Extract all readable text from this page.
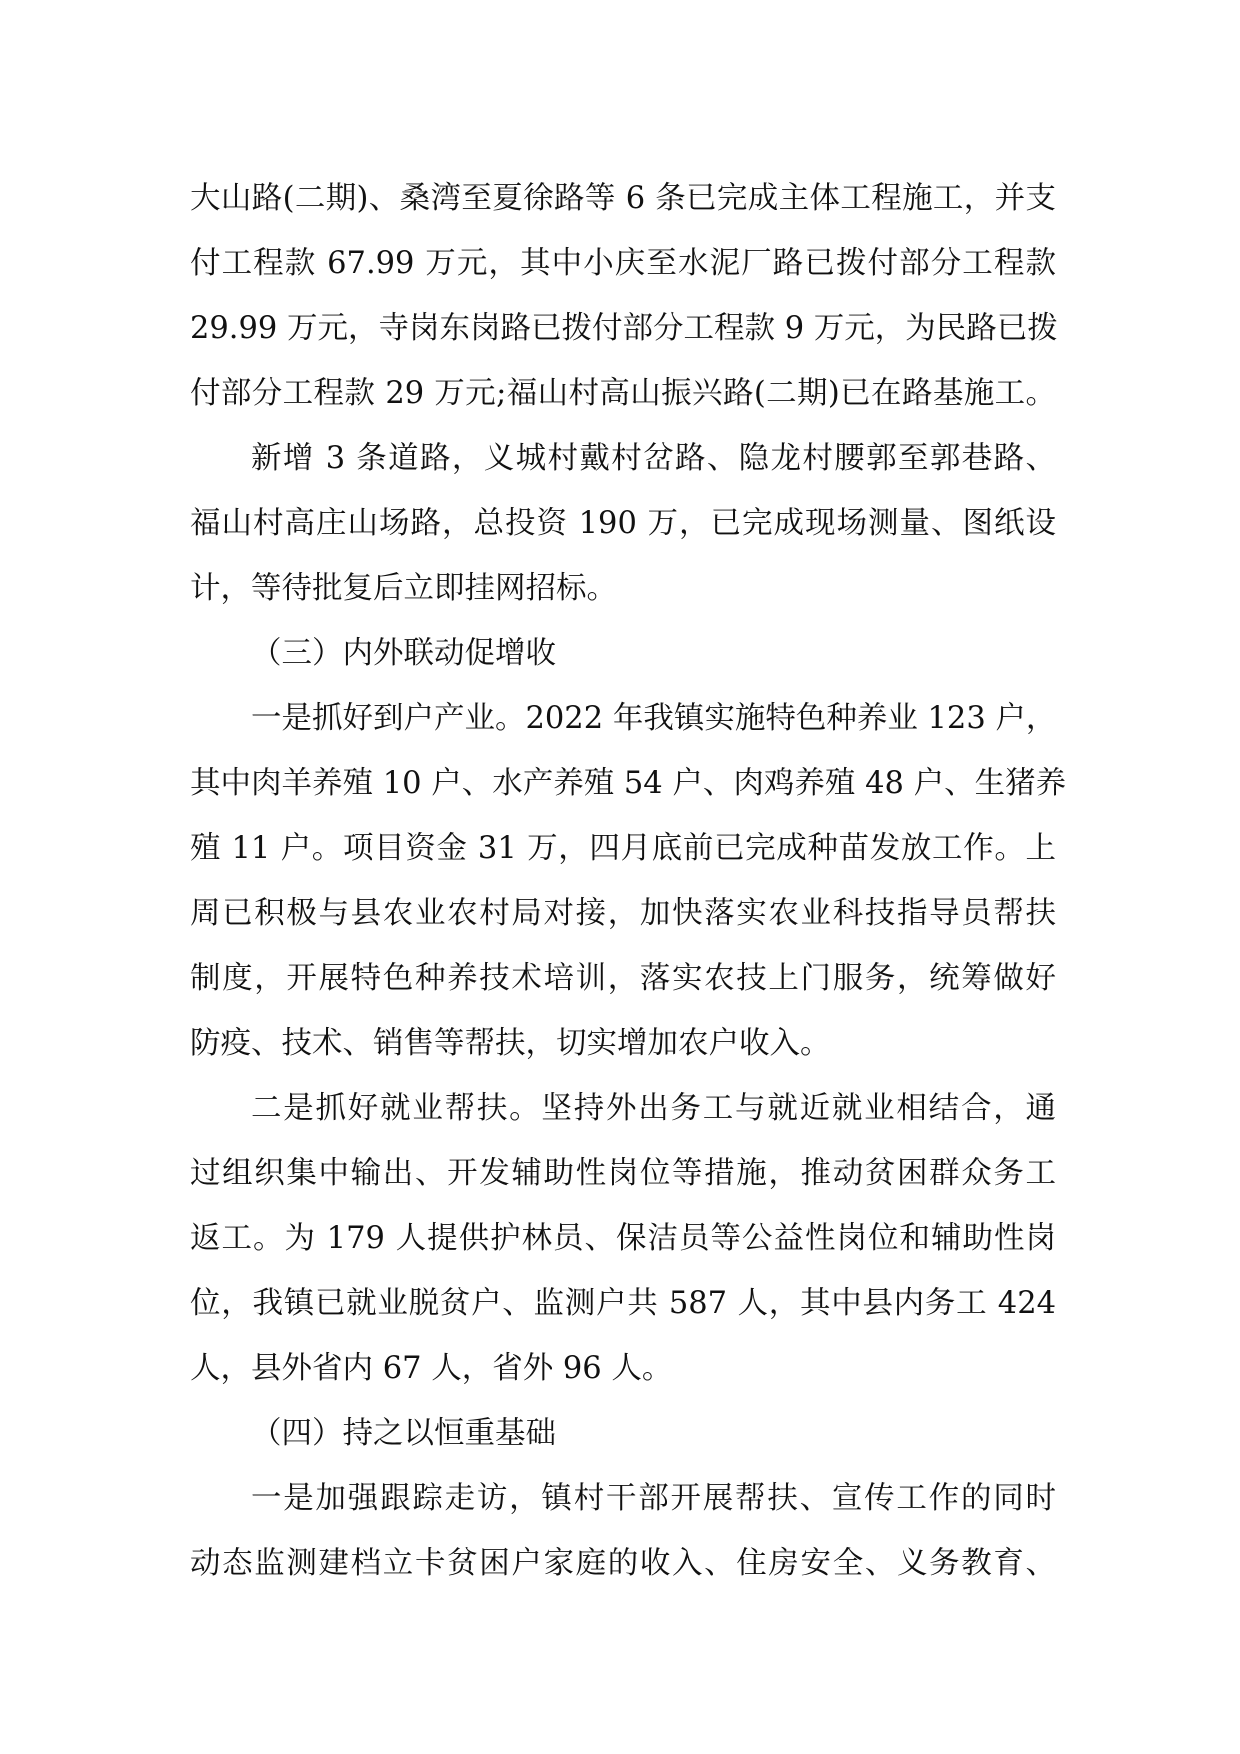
大山路(二期)、桑湾至夏徐路等 6 条已完成主体工程施工，并支
付工程款 67.99 万元，其中小庆至水泥厂路已拨付部分工程款
29.99 万元，寺岗东岗路已拨付部分工程款 9 万元，为民路已拨
付部分工程款 29 万元;福山村高山振兴路(二期)已在路基施工。
新增 3 条道路，义城村戴村岔路、隐龙村腰郭至郭巷路、
福山村高庄山场路，总投资 190 万，已完成现场测量、图纸设
计，等待批复后立即挂网招标。
（三）内外联动促增收
一是抓好到户产业。2022 年我镇实施特色种养业 123 户，
其中肉羊养殖 10 户、水产养殖 54 户、肉鸡养殖 48 户、生猪养
殖 11 户。项目资金 31 万，四月底前已完成种苗发放工作。上
周已积极与县农业农村局对接，加快落实农业科技指导员帮扶
制度，开展特色种养技术培训，落实农技上门服务，统筹做好
防疫、技术、销售等帮扶，切实增加农户收入。
二是抓好就业帮扶。坚持外出务工与就近就业相结合，通
过组织集中输出、开发辅助性岗位等措施，推动贫困群众务工
返工。为 179 人提供护林员、保洁员等公益性岗位和辅助性岗
位，我镇已就业脱贫户、监测户共 587 人，其中县内务工 424
人，县外省内 67 人，省外 96 人。
（四）持之以恒重基础
一是加强跟踪走访，镇村干部开展帮扶、宣传工作的同时
动态监测建档立卡贫困户家庭的收入、住房安全、义务教育、
